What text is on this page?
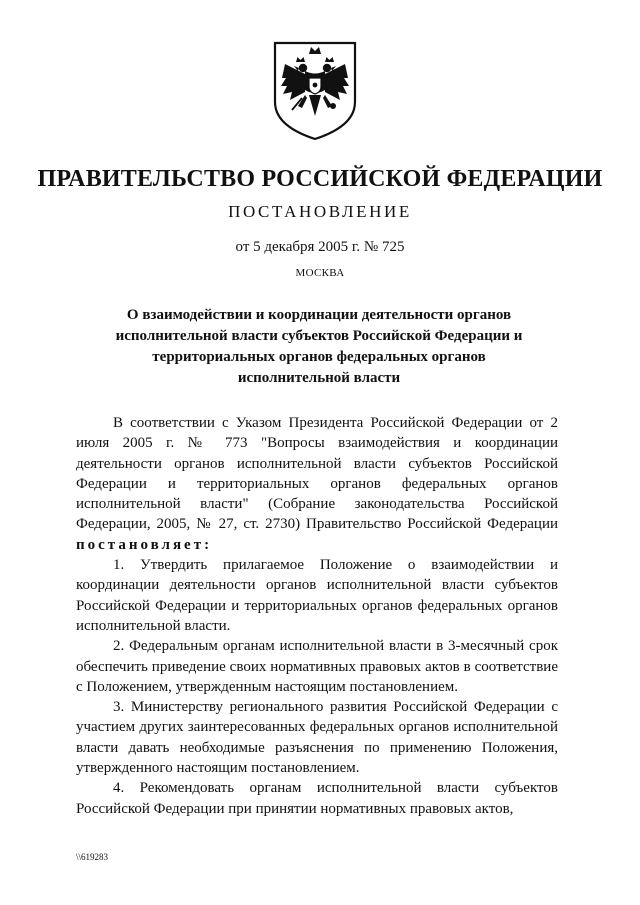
ПРАВИТЕЛЬСТВО РОССИЙСКОЙ ФЕДЕРАЦИИ
ПОСТАНОВЛЕНИЕ
от 5 декабря 2005 г. № 725
МОСКВА
О взаимодействии и координации деятельности органов исполнительной власти субъектов Российской Федерации и территориальных органов федеральных органов исполнительной власти

В соответствии с Указом Президента Российской Федерации от 2 июля 2005 г. № 773 "Вопросы взаимодействия и координации деятельности органов исполнительной власти субъектов Российской Федерации и территориальных органов федеральных органов исполнительной власти" (Собрание законодательства Российской Федерации, 2005, № 27, ст. 2730) Правительство Российской Федерации постановляет:

1. Утвердить прилагаемое Положение о взаимодействии и координации деятельности органов исполнительной власти субъектов Российской Федерации и территориальных органов федеральных органов исполнительной власти.

2. Федеральным органам исполнительной власти в 3-месячный срок обеспечить приведение своих нормативных правовых актов в соответствие с Положением, утвержденным настоящим постановлением.

3. Министерству регионального развития Российской Федерации с участием других заинтересованных федеральных органов исполнительной власти давать необходимые разъяснения по применению Положения, утвержденного настоящим постановлением.

4. Рекомендовать органам исполнительной власти субъектов Российской Федерации при принятии нормативных правовых актов,

\\619283
